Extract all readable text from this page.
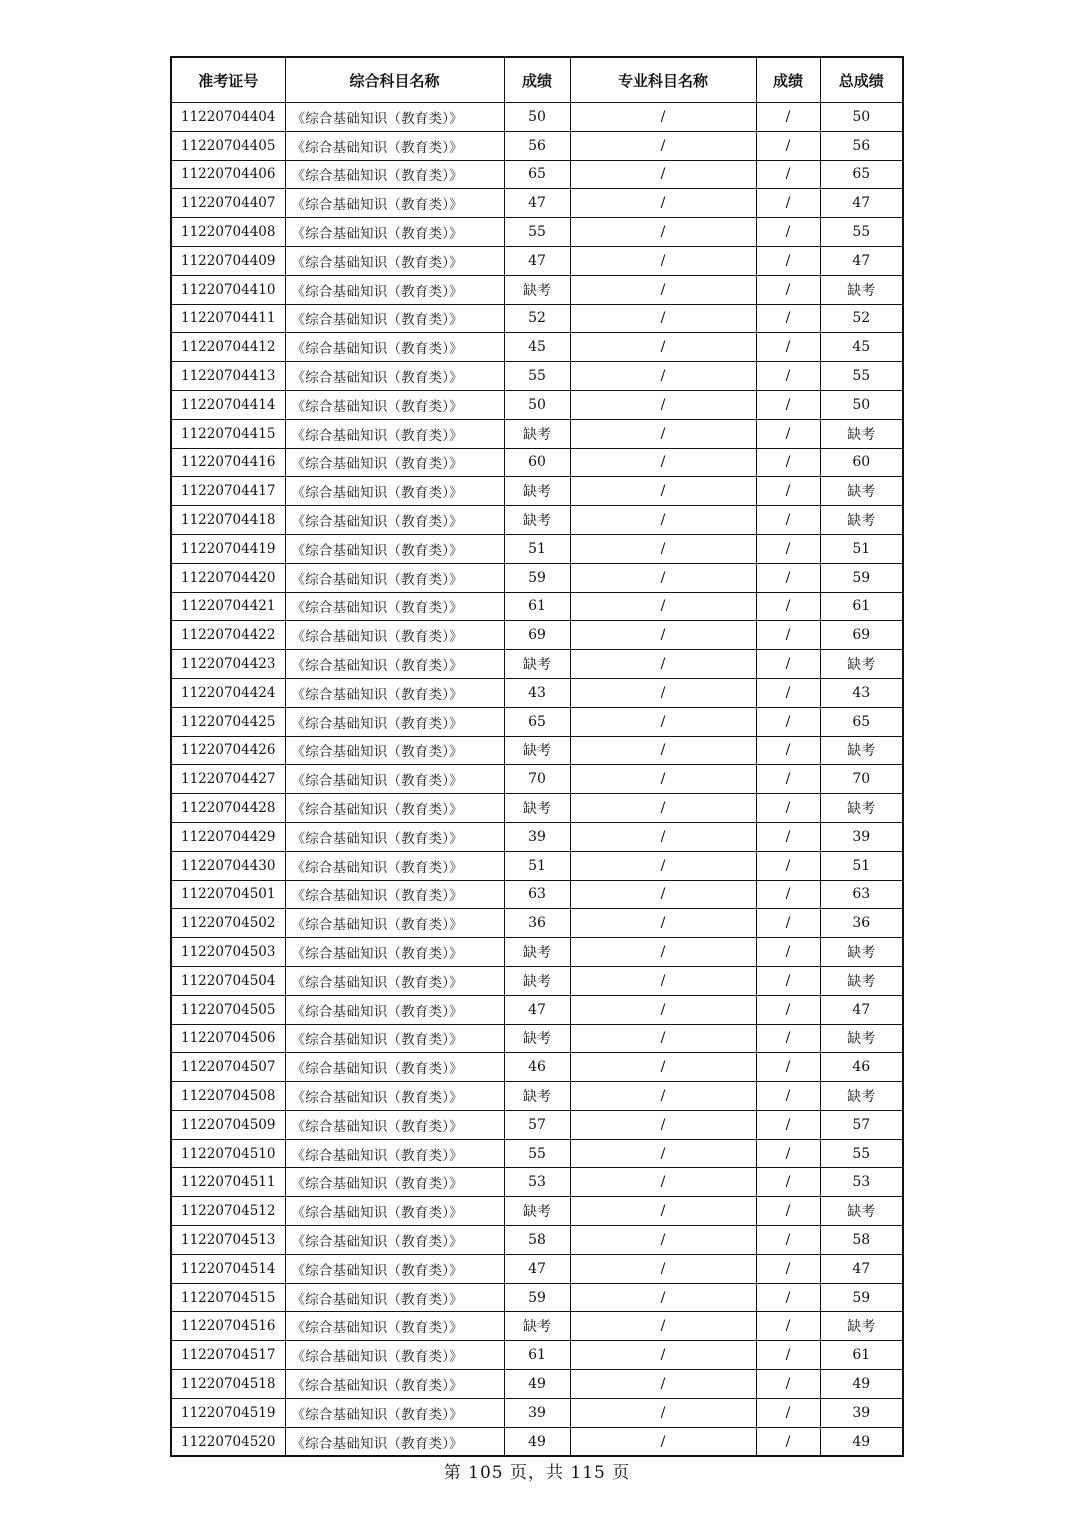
准考证号	综合科目名称	成绩	专业科目名称	成绩	总成绩
11220704404	《综合基础知识（教育类）》	50	/	/	50
11220704405	《综合基础知识（教育类）》	56	/	/	56
11220704406	《综合基础知识（教育类）》	65	/	/	65
11220704407	《综合基础知识（教育类）》	47	/	/	47
11220704408	《综合基础知识（教育类）》	55	/	/	55
11220704409	《综合基础知识（教育类）》	47	/	/	47
11220704410	《综合基础知识（教育类）》	缺考	/	/	缺考
11220704411	《综合基础知识（教育类）》	52	/	/	52
11220704412	《综合基础知识（教育类）》	45	/	/	45
11220704413	《综合基础知识（教育类）》	55	/	/	55
11220704414	《综合基础知识（教育类）》	50	/	/	50
11220704415	《综合基础知识（教育类）》	缺考	/	/	缺考
11220704416	《综合基础知识（教育类）》	60	/	/	60
11220704417	《综合基础知识（教育类）》	缺考	/	/	缺考
11220704418	《综合基础知识（教育类）》	缺考	/	/	缺考
11220704419	《综合基础知识（教育类）》	51	/	/	51
11220704420	《综合基础知识（教育类）》	59	/	/	59
11220704421	《综合基础知识（教育类）》	61	/	/	61
11220704422	《综合基础知识（教育类）》	69	/	/	69
11220704423	《综合基础知识（教育类）》	缺考	/	/	缺考
11220704424	《综合基础知识（教育类）》	43	/	/	43
11220704425	《综合基础知识（教育类）》	65	/	/	65
11220704426	《综合基础知识（教育类）》	缺考	/	/	缺考
11220704427	《综合基础知识（教育类）》	70	/	/	70
11220704428	《综合基础知识（教育类）》	缺考	/	/	缺考
11220704429	《综合基础知识（教育类）》	39	/	/	39
11220704430	《综合基础知识（教育类）》	51	/	/	51
11220704501	《综合基础知识（教育类）》	63	/	/	63
11220704502	《综合基础知识（教育类）》	36	/	/	36
11220704503	《综合基础知识（教育类）》	缺考	/	/	缺考
11220704504	《综合基础知识（教育类）》	缺考	/	/	缺考
11220704505	《综合基础知识（教育类）》	47	/	/	47
11220704506	《综合基础知识（教育类）》	缺考	/	/	缺考
11220704507	《综合基础知识（教育类）》	46	/	/	46
11220704508	《综合基础知识（教育类）》	缺考	/	/	缺考
11220704509	《综合基础知识（教育类）》	57	/	/	57
11220704510	《综合基础知识（教育类）》	55	/	/	55
11220704511	《综合基础知识（教育类）》	53	/	/	53
11220704512	《综合基础知识（教育类）》	缺考	/	/	缺考
11220704513	《综合基础知识（教育类）》	58	/	/	58
11220704514	《综合基础知识（教育类）》	47	/	/	47
11220704515	《综合基础知识（教育类）》	59	/	/	59
11220704516	《综合基础知识（教育类）》	缺考	/	/	缺考
11220704517	《综合基础知识（教育类）》	61	/	/	61
11220704518	《综合基础知识（教育类）》	49	/	/	49
11220704519	《综合基础知识（教育类）》	39	/	/	39
11220704520	《综合基础知识（教育类）》	49	/	/	49
第 105 页，共 115 页
